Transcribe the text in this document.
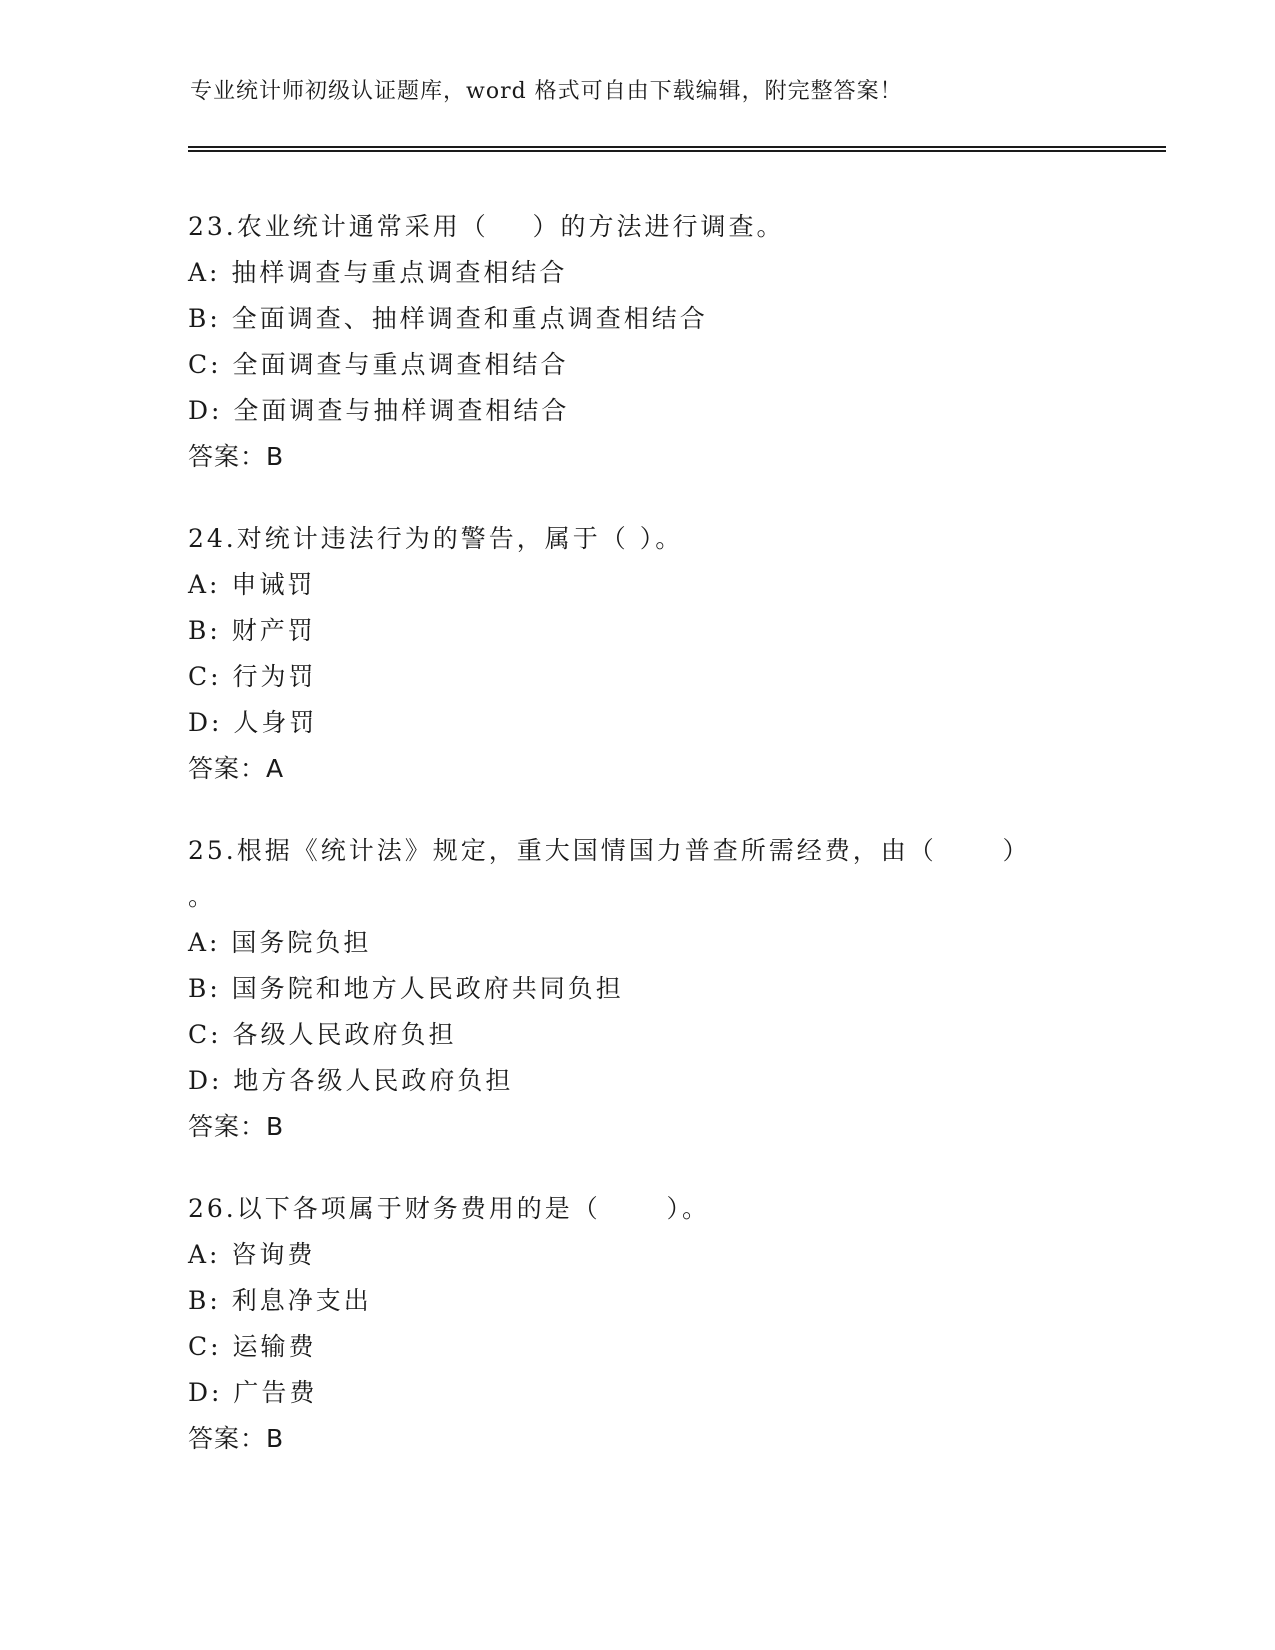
专业统计师初级认证题库，word 格式可自由下载编辑，附完整答案！
23.农业统计通常采用（    ）的方法进行调查。
A: 抽样调查与重点调查相结合
B: 全面调查、抽样调查和重点调查相结合
C: 全面调查与重点调查相结合
D: 全面调查与抽样调查相结合
答案：B
24.对统计违法行为的警告，属于（ ）。
A: 申诫罚
B: 财产罚
C: 行为罚
D: 人身罚
答案：A
25.根据《统计法》规定，重大国情国力普查所需经费，由（      ）
。
A: 国务院负担
B: 国务院和地方人民政府共同负担
C: 各级人民政府负担
D: 地方各级人民政府负担
答案：B
26.以下各项属于财务费用的是（      ）。
A: 咨询费
B: 利息净支出
C: 运输费
D: 广告费
答案：B
